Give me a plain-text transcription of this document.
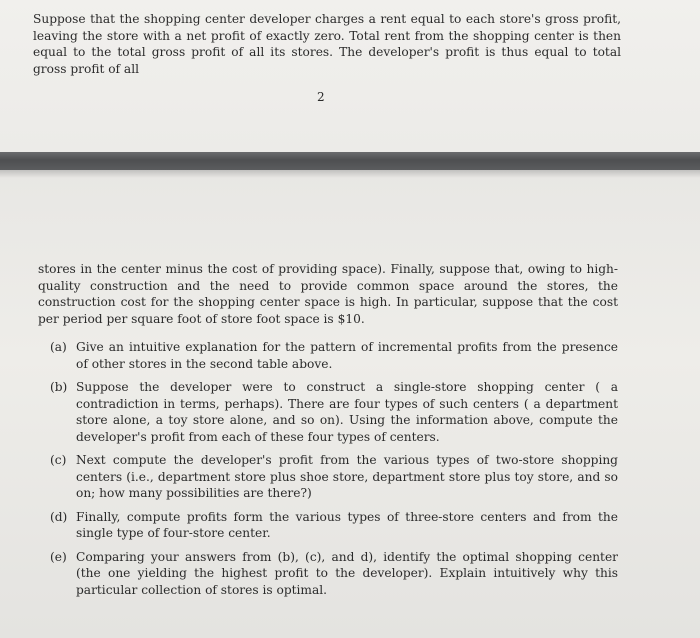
Suppose that the shopping center developer charges a rent equal to each store's gross profit, leaving the store with a net profit of exactly zero. Total rent from the shopping center is then equal to the total gross profit of all its stores. The developer's profit is thus equal to total gross profit of all

2

stores in the center minus the cost of providing space). Finally, suppose that, owing to high-quality construction and the need to provide common space around the stores, the construction cost for the shopping center space is high. In particular, suppose that the cost per period per square foot of store foot space is $10.

(a) Give an intuitive explanation for the pattern of incremental profits from the presence of other stores in the second table above.
(b) Suppose the developer were to construct a single-store shopping center ( a contradiction in terms, perhaps). There are four types of such centers ( a department store alone, a toy store alone, and so on). Using the information above, compute the developer's profit from each of these four types of centers.
(c) Next compute the developer's profit from the various types of two-store shopping centers (i.e., department store plus shoe store, department store plus toy store, and so on; how many possibilities are there?)
(d) Finally, compute profits form the various types of three-store centers and from the single type of four-store center.
(e) Comparing your answers from (b), (c), and d), identify the optimal shopping center (the one yielding the highest profit to the developer). Explain intuitively why this particular collection of stores is optimal.
